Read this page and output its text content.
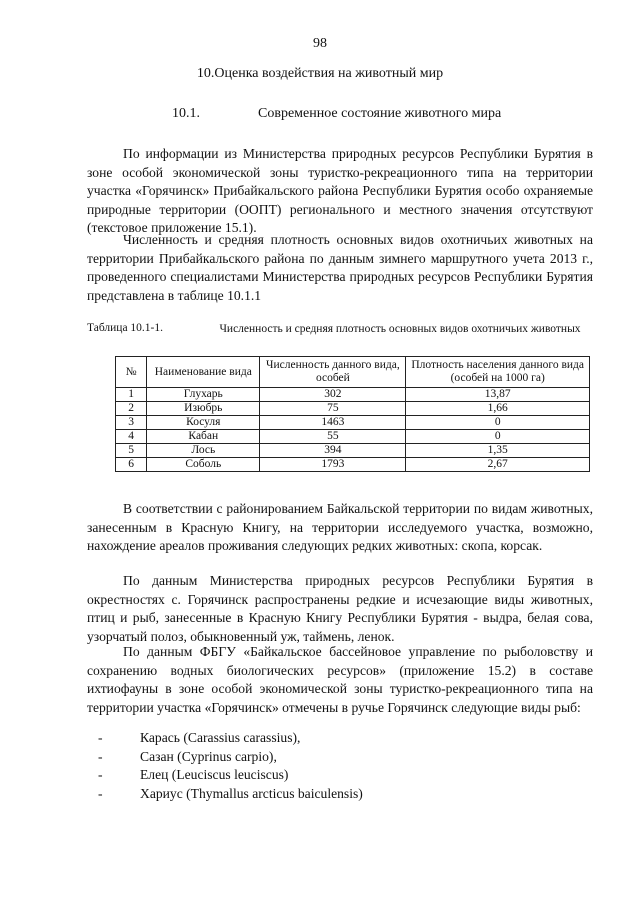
98
10.Оценка воздействия на животный мир
10.1.	Современное состояние животного мира

По информации из Министерства природных ресурсов Республики Бурятия в зоне особой экономической зоны туристко-рекреационного типа на территории участка «Горячинск» Прибайкальского района Республики Бурятия особо охраняемые природные территории (ООПТ) регионального и местного значения отсутствуют (текстовое приложение 15.1).

Численность и средняя плотность основных видов охотничьих животных на территории Прибайкальского района по данным зимнего маршрутного учета 2013 г., проведенного специалистами Министерства природных ресурсов Республики Бурятия представлена в таблице 10.1.1

Таблица 10.1-1.	Численность и средняя плотность основных видов охотничьих животных
№	Наименование вида	Численность данного вида, особей	Плотность населения данного вида (особей на 1000 га)
1	Глухарь	302	13,87
2	Изюбрь	75	1,66
3	Косуля	1463	0
4	Кабан	55	0
5	Лось	394	1,35
6	Соболь	1793	2,67

В соответствии с районированием Байкальской территории по видам животных, занесенным в Красную Книгу, на территории исследуемого участка, возможно, нахождение ареалов проживания следующих редких животных: скопа, корсак.

По данным Министерства природных ресурсов Республики Бурятия в окрестностях с. Горячинск распространены редкие и исчезающие виды животных, птиц и рыб, занесенные в Красную Книгу Республики Бурятия - выдра, белая сова, узорчатый полоз, обыкновенный уж, таймень, ленок.

По данным ФБГУ «Байкальское бассейновое управление по рыболовству и сохранению водных биологических ресурсов» (приложение 15.2) в составе ихтиофауны в зоне особой экономической зоны туристко-рекреационного типа на территории участка «Горячинск» отмечены в ручье Горячинск следующие виды рыб:

-	Карась (Carassius carassius),
-	Сазан (Cyprinus carpio),
-	Елец (Leuciscus leuciscus)
-	Хариус (Thymallus arcticus baiculensis)
